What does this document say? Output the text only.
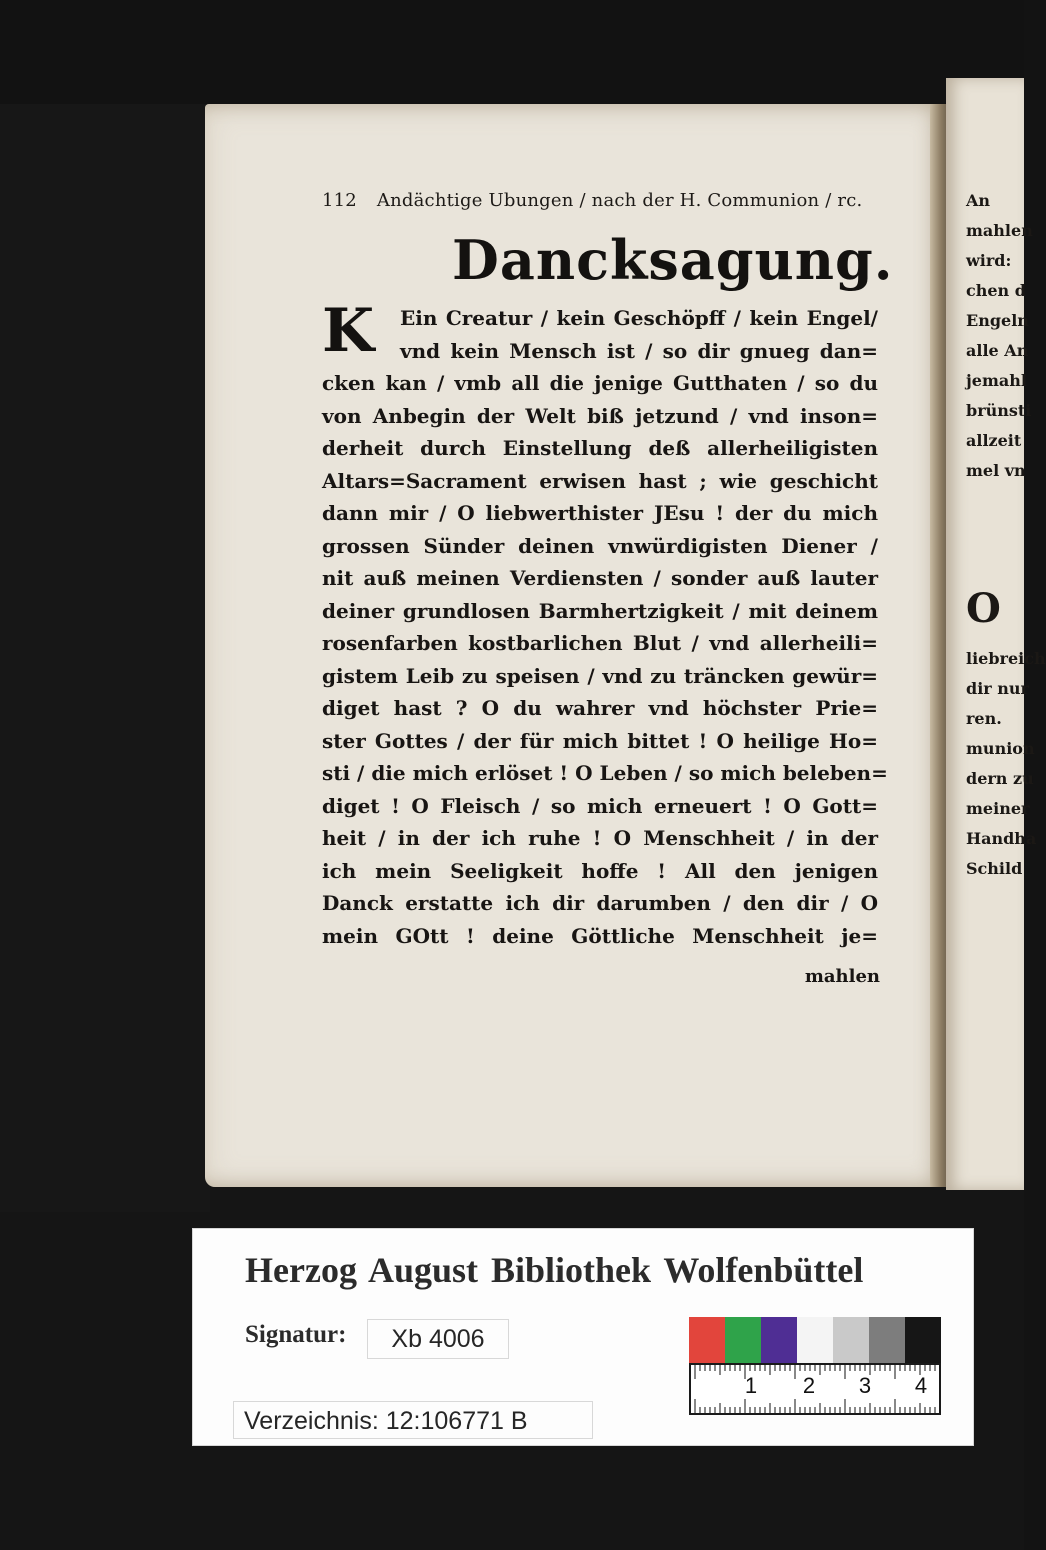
112 Andächtige Ubungen / nach der H. Communion / rc.
Dancksagung.
K	Ein Creatur / kein Geschöpff / kein Engel/
vnd kein Mensch ist / so dir gnueg dan=
cken kan / vmb all die jenige Gutthaten / so du
von Anbegin der Welt biß jetzund / vnd inson=
derheit durch Einstellung deß allerheiligisten
Altars=Sacrament erwisen hast ; wie geschicht
dann mir / O liebwerthister JEsu ! der du mich
grossen Sünder deinen vnwürdigisten Diener /
nit auß meinen Verdiensten / sonder auß lauter
deiner grundlosen Barmhertzigkeit / mit deinem
rosenfarben kostbarlichen Blut / vnd allerheili=
gistem Leib zu speisen / vnd zu träncken gewür=
diget hast ? O du wahrer vnd höchster Prie=
ster Gottes / der für mich bittet ! O heilige Ho=
sti / die mich erlöset ! O Leben / so mich beleben=
diget ! O Fleisch / so mich erneuert ! O Gott=
heit / in der ich ruhe ! O Menschheit / in der
ich mein Seeligkeit hoffe ! All den jenigen
Danck erstatte ich dir darumben / den dir / O
mein GOtt ! deine Göttliche Menschheit je=
mahlen
An
mahlen
wird:
chen d
Engeln
alle An
jemahl
brünsti
allzeit
mel vn
O
liebreich
dir nur
ren.
munion
dern zu
meiner
Handha
Schild
Herzog August Bibliothek Wolfenbüttel
Signatur:	Xb 4006
Verzeichnis: 12:106771 B
1 2 3 4
